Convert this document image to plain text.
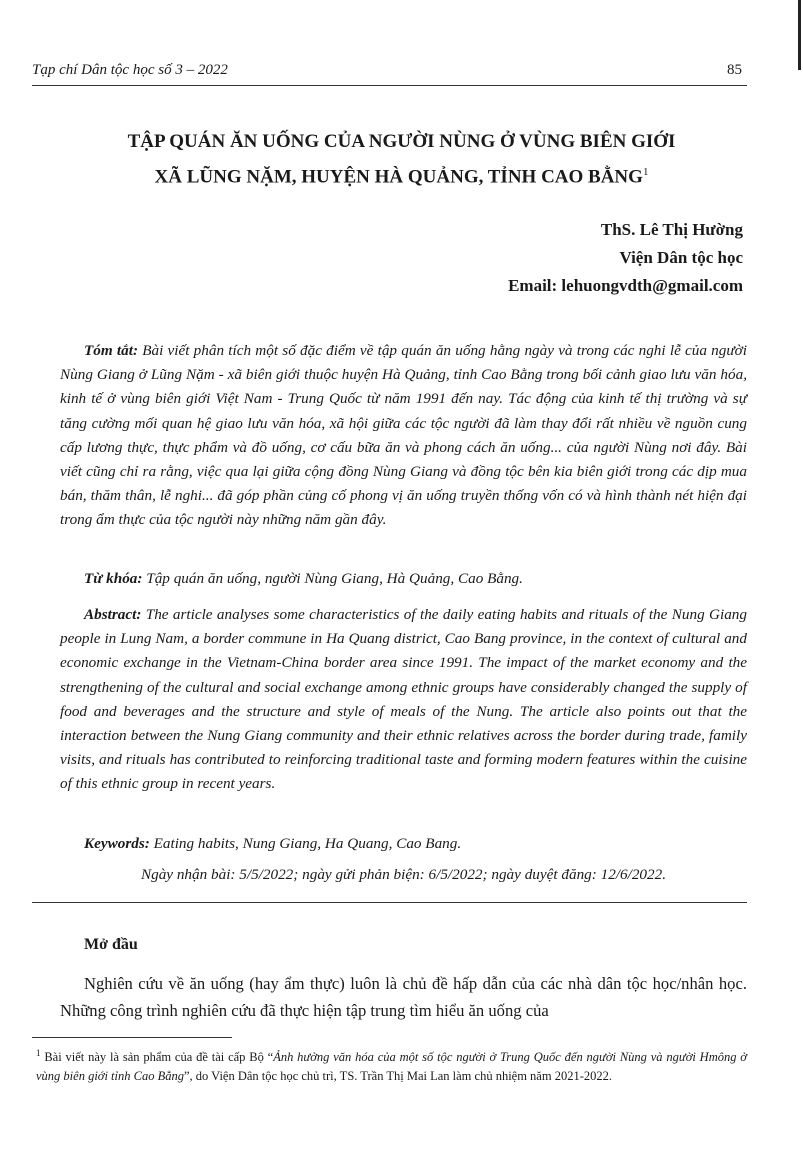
Tạp chí Dân tộc học số 3 – 2022	85
TẬP QUÁN ĂN UỐNG CỦA NGƯỜI NÙNG Ở VÙNG BIÊN GIỚI
XÃ LŨNG NẶM, HUYỆN HÀ QUẢNG, TỈNH CAO BẰNG$^1$
ThS. Lê Thị Hường
Viện Dân tộc học
Email: lehuongvdth@gmail.com
Tóm tắt: Bài viết phân tích một số đặc điểm về tập quán ăn uống hằng ngày và trong các nghi lễ của người Nùng Giang ở Lũng Nặm - xã biên giới thuộc huyện Hà Quảng, tỉnh Cao Bằng trong bối cảnh giao lưu văn hóa, kinh tế ở vùng biên giới Việt Nam - Trung Quốc từ năm 1991 đến nay. Tác động của kinh tế thị trường và sự tăng cường mối quan hệ giao lưu văn hóa, xã hội giữa các tộc người đã làm thay đổi rất nhiều về nguồn cung cấp lương thực, thực phẩm và đồ uống, cơ cấu bữa ăn và phong cách ăn uống... của người Nùng nơi đây. Bài viết cũng chỉ ra rằng, việc qua lại giữa cộng đồng Nùng Giang và đồng tộc bên kia biên giới trong các dịp mua bán, thăm thân, lễ nghi... đã góp phần củng cố phong vị ăn uống truyền thống vốn có và hình thành nét hiện đại trong ẩm thực của tộc người này những năm gần đây.
Từ khóa: Tập quán ăn uống, người Nùng Giang, Hà Quảng, Cao Bằng.
Abstract: The article analyses some characteristics of the daily eating habits and rituals of the Nung Giang people in Lung Nam, a border commune in Ha Quang district, Cao Bang province, in the context of cultural and economic exchange in the Vietnam-China border area since 1991. The impact of the market economy and the strengthening of the cultural and social exchange among ethnic groups have considerably changed the supply of food and beverages and the structure and style of meals of the Nung. The article also points out that the interaction between the Nung Giang community and their ethnic relatives across the border during trade, family visits, and rituals has contributed to reinforcing traditional taste and forming modern features within the cuisine of this ethnic group in recent years.
Keywords: Eating habits, Nung Giang, Ha Quang, Cao Bang.
Ngày nhận bài: 5/5/2022; ngày gửi phản biện: 6/5/2022; ngày duyệt đăng: 12/6/2022.
Mở đầu
Nghiên cứu về ăn uống (hay ẩm thực) luôn là chủ đề hấp dẫn của các nhà dân tộc học/nhân học. Những công trình nghiên cứu đã thực hiện tập trung tìm hiểu ăn uống của
$^1$ Bài viết này là sản phẩm của đề tài cấp Bộ “Ảnh hưởng văn hóa của một số tộc người ở Trung Quốc đến người Nùng và người Hmông ở vùng biên giới tỉnh Cao Bằng”, do Viện Dân tộc học chủ trì, TS. Trần Thị Mai Lan làm chủ nhiệm năm 2021-2022.
